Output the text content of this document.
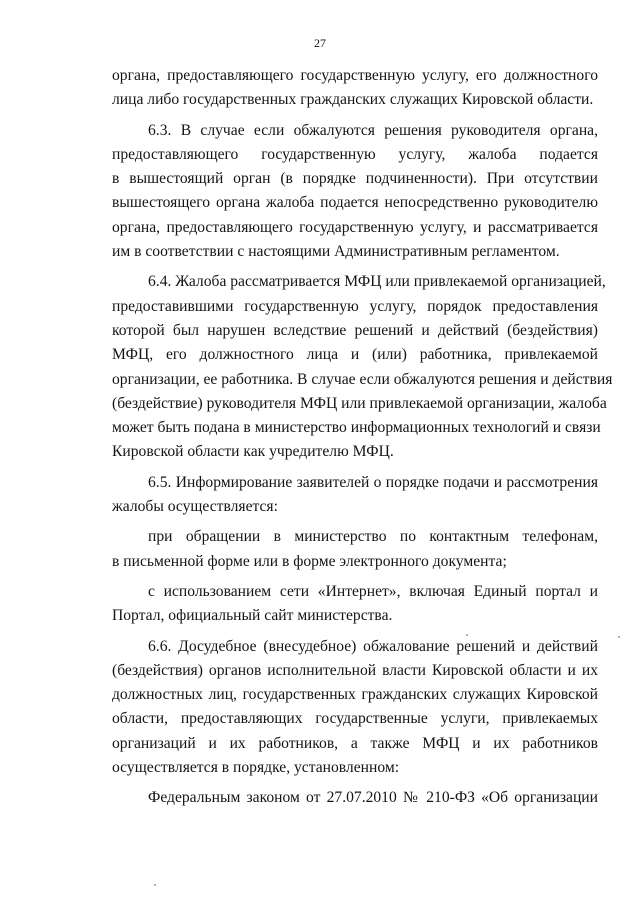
27
органа, предоставляющего государственную услугу, его должностного
лица либо государственных гражданских служащих Кировской области.
6.3. В случае если обжалуются решения руководителя органа,
предоставляющего государственную услугу, жалоба подается
в вышестоящий орган (в порядке подчиненности). При отсутствии
вышестоящего органа жалоба подается непосредственно руководителю
органа, предоставляющего государственную услугу, и рассматривается
им в соответствии с настоящими Административным регламентом.
6.4. Жалоба рассматривается МФЦ или привлекаемой организацией,
предоставившими государственную услугу, порядок предоставления
которой был нарушен вследствие решений и действий (бездействия)
МФЦ, его должностного лица и (или) работника, привлекаемой
организации, ее работника. В случае если обжалуются решения и действия
(бездействие) руководителя МФЦ или привлекаемой организации, жалоба
может быть подана в министерство информационных технологий и связи
Кировской области как учредителю МФЦ.
6.5. Информирование заявителей о порядке подачи и рассмотрения
жалобы осуществляется:
при обращении в министерство по контактным телефонам,
в письменной форме или в форме электронного документа;
с использованием сети «Интернет», включая Единый портал и
Портал, официальный сайт министерства.
6.6. Досудебное (внесудебное) обжалование решений и действий
(бездействия) органов исполнительной власти Кировской области и их
должностных лиц, государственных гражданских служащих Кировской
области, предоставляющих государственные услуги, привлекаемых
организаций и их работников, а также МФЦ и их работников
осуществляется в порядке, установленном:
Федеральным законом от 27.07.2010 № 210-ФЗ «Об организации
